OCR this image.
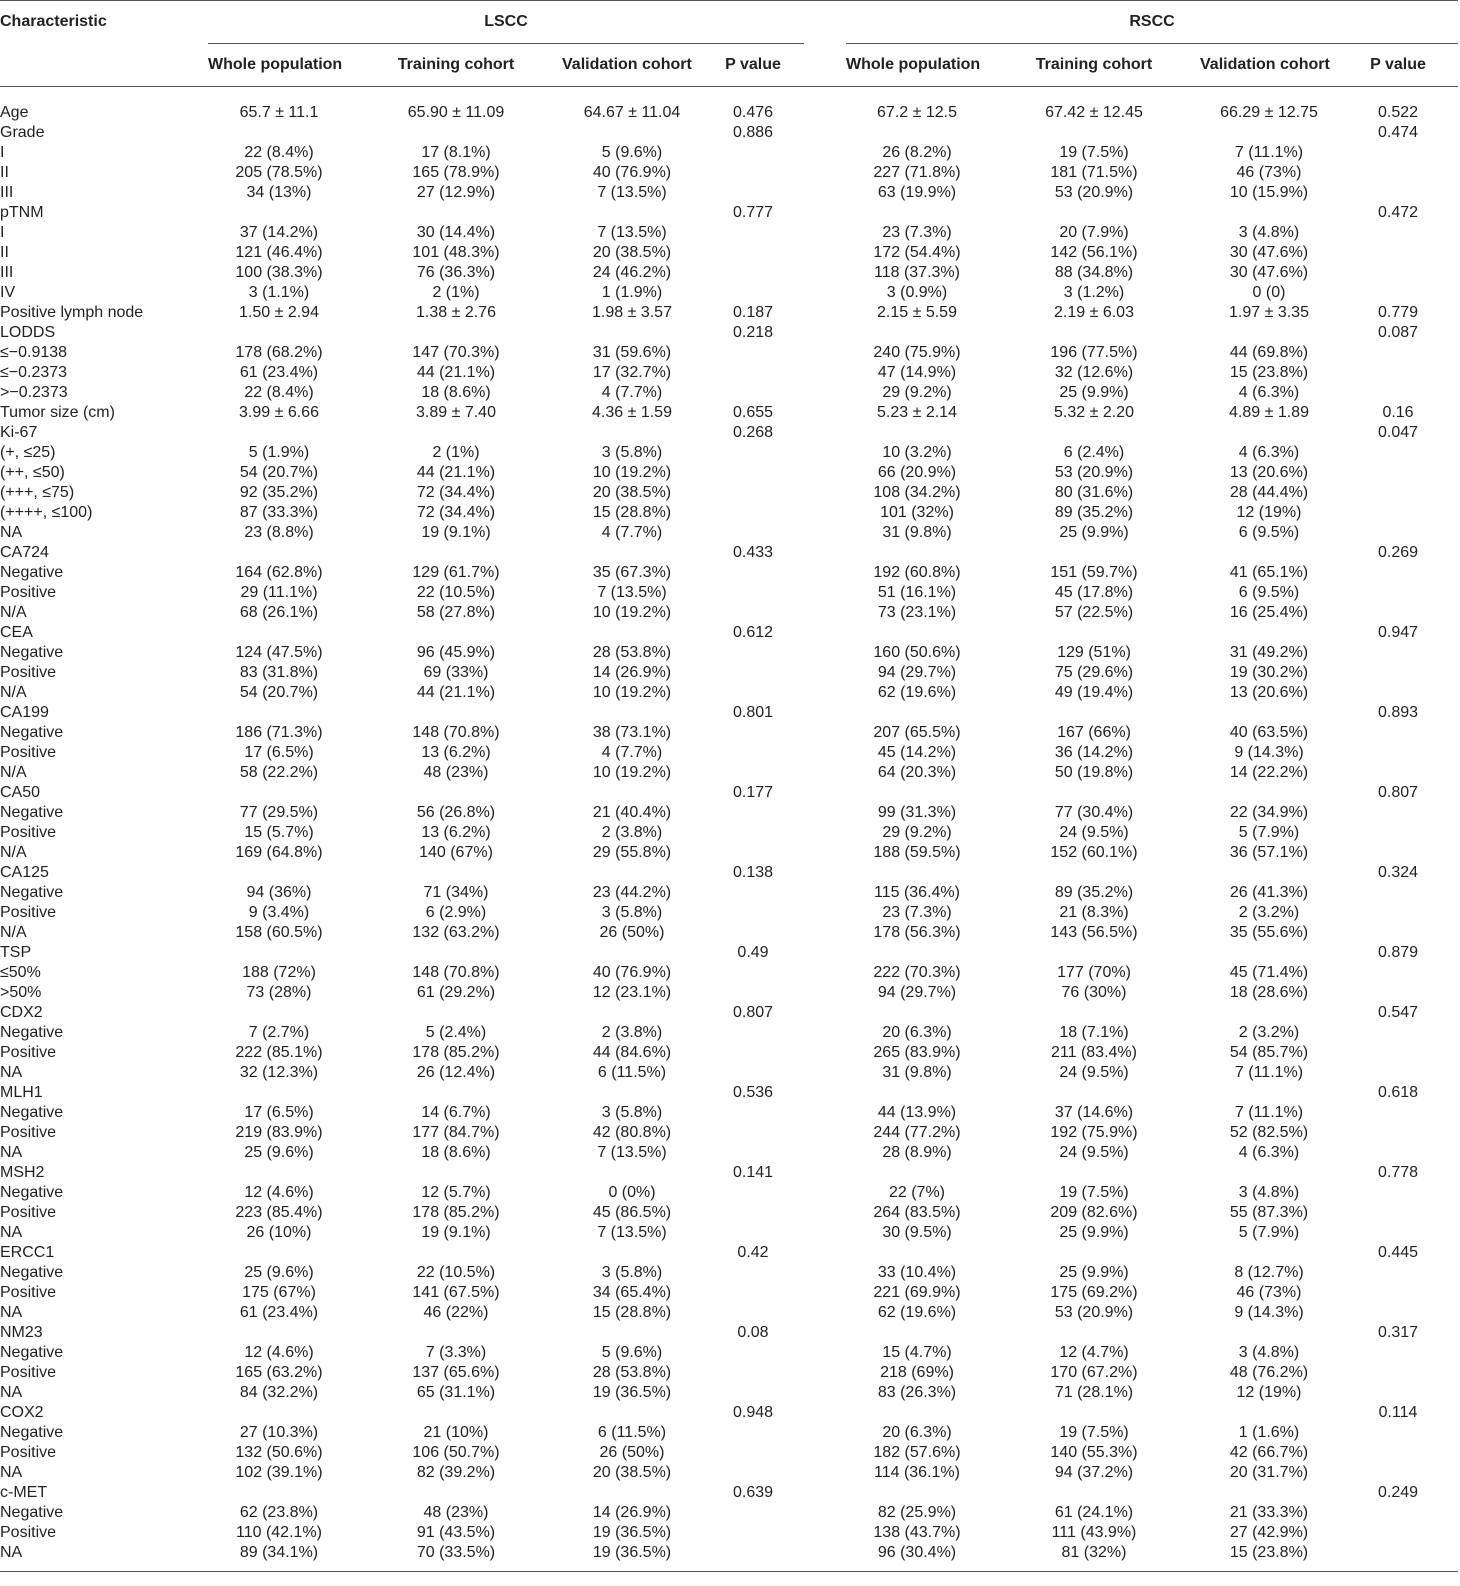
Characteristic	LSCC					RSCC			
	Whole population	Training cohort	Validation cohort	P value		Whole population	Training cohort	Validation cohort	P value

Age	65.7 ± 11.1	65.90 ± 11.09	64.67 ± 11.04	0.476		67.2 ± 12.5	67.42 ± 12.45	66.29 ± 12.75	0.522
Grade				0.886					0.474
I	22 (8.4%)	17 (8.1%)	5 (9.6%)			26 (8.2%)	19 (7.5%)	7 (11.1%)	
II	205 (78.5%)	165 (78.9%)	40 (76.9%)			227 (71.8%)	181 (71.5%)	46 (73%)	
III	34 (13%)	27 (12.9%)	7 (13.5%)			63 (19.9%)	53 (20.9%)	10 (15.9%)	
pTNM				0.777					0.472
I	37 (14.2%)	30 (14.4%)	7 (13.5%)			23 (7.3%)	20 (7.9%)	3 (4.8%)	
II	121 (46.4%)	101 (48.3%)	20 (38.5%)			172 (54.4%)	142 (56.1%)	30 (47.6%)	
III	100 (38.3%)	76 (36.3%)	24 (46.2%)			118 (37.3%)	88 (34.8%)	30 (47.6%)	
IV	3 (1.1%)	2 (1%)	1 (1.9%)			3 (0.9%)	3 (1.2%)	0 (0)	
Positive lymph node	1.50 ± 2.94	1.38 ± 2.76	1.98 ± 3.57	0.187		2.15 ± 5.59	2.19 ± 6.03	1.97 ± 3.35	0.779
LODDS				0.218					0.087
≤−0.9138	178 (68.2%)	147 (70.3%)	31 (59.6%)			240 (75.9%)	196 (77.5%)	44 (69.8%)	
≤−0.2373	61 (23.4%)	44 (21.1%)	17 (32.7%)			47 (14.9%)	32 (12.6%)	15 (23.8%)	
>−0.2373	22 (8.4%)	18 (8.6%)	4 (7.7%)			29 (9.2%)	25 (9.9%)	4 (6.3%)	
Tumor size (cm)	3.99 ± 6.66	3.89 ± 7.40	4.36 ± 1.59	0.655		5.23 ± 2.14	5.32 ± 2.20	4.89 ± 1.89	0.16
Ki-67				0.268					0.047
(+, ≤25)	5 (1.9%)	2 (1%)	3 (5.8%)			10 (3.2%)	6 (2.4%)	4 (6.3%)	
(++, ≤50)	54 (20.7%)	44 (21.1%)	10 (19.2%)			66 (20.9%)	53 (20.9%)	13 (20.6%)	
(+++, ≤75)	92 (35.2%)	72 (34.4%)	20 (38.5%)			108 (34.2%)	80 (31.6%)	28 (44.4%)	
(++++, ≤100)	87 (33.3%)	72 (34.4%)	15 (28.8%)			101 (32%)	89 (35.2%)	12 (19%)	
NA	23 (8.8%)	19 (9.1%)	4 (7.7%)			31 (9.8%)	25 (9.9%)	6 (9.5%)	
CA724				0.433					0.269
Negative	164 (62.8%)	129 (61.7%)	35 (67.3%)			192 (60.8%)	151 (59.7%)	41 (65.1%)	
Positive	29 (11.1%)	22 (10.5%)	7 (13.5%)			51 (16.1%)	45 (17.8%)	6 (9.5%)	
N/A	68 (26.1%)	58 (27.8%)	10 (19.2%)			73 (23.1%)	57 (22.5%)	16 (25.4%)	
CEA				0.612					0.947
Negative	124 (47.5%)	96 (45.9%)	28 (53.8%)			160 (50.6%)	129 (51%)	31 (49.2%)	
Positive	83 (31.8%)	69 (33%)	14 (26.9%)			94 (29.7%)	75 (29.6%)	19 (30.2%)	
N/A	54 (20.7%)	44 (21.1%)	10 (19.2%)			62 (19.6%)	49 (19.4%)	13 (20.6%)	
CA199				0.801					0.893
Negative	186 (71.3%)	148 (70.8%)	38 (73.1%)			207 (65.5%)	167 (66%)	40 (63.5%)	
Positive	17 (6.5%)	13 (6.2%)	4 (7.7%)			45 (14.2%)	36 (14.2%)	9 (14.3%)	
N/A	58 (22.2%)	48 (23%)	10 (19.2%)			64 (20.3%)	50 (19.8%)	14 (22.2%)	
CA50				0.177					0.807
Negative	77 (29.5%)	56 (26.8%)	21 (40.4%)			99 (31.3%)	77 (30.4%)	22 (34.9%)	
Positive	15 (5.7%)	13 (6.2%)	2 (3.8%)			29 (9.2%)	24 (9.5%)	5 (7.9%)	
N/A	169 (64.8%)	140 (67%)	29 (55.8%)			188 (59.5%)	152 (60.1%)	36 (57.1%)	
CA125				0.138					0.324
Negative	94 (36%)	71 (34%)	23 (44.2%)			115 (36.4%)	89 (35.2%)	26 (41.3%)	
Positive	9 (3.4%)	6 (2.9%)	3 (5.8%)			23 (7.3%)	21 (8.3%)	2 (3.2%)	
N/A	158 (60.5%)	132 (63.2%)	26 (50%)			178 (56.3%)	143 (56.5%)	35 (55.6%)	
TSP				0.49					0.879
≤50%	188 (72%)	148 (70.8%)	40 (76.9%)			222 (70.3%)	177 (70%)	45 (71.4%)	
>50%	73 (28%)	61 (29.2%)	12 (23.1%)			94 (29.7%)	76 (30%)	18 (28.6%)	
CDX2				0.807					0.547
Negative	7 (2.7%)	5 (2.4%)	2 (3.8%)			20 (6.3%)	18 (7.1%)	2 (3.2%)	
Positive	222 (85.1%)	178 (85.2%)	44 (84.6%)			265 (83.9%)	211 (83.4%)	54 (85.7%)	
NA	32 (12.3%)	26 (12.4%)	6 (11.5%)			31 (9.8%)	24 (9.5%)	7 (11.1%)	
MLH1				0.536					0.618
Negative	17 (6.5%)	14 (6.7%)	3 (5.8%)			44 (13.9%)	37 (14.6%)	7 (11.1%)	
Positive	219 (83.9%)	177 (84.7%)	42 (80.8%)			244 (77.2%)	192 (75.9%)	52 (82.5%)	
NA	25 (9.6%)	18 (8.6%)	7 (13.5%)			28 (8.9%)	24 (9.5%)	4 (6.3%)	
MSH2				0.141					0.778
Negative	12 (4.6%)	12 (5.7%)	0 (0%)			22 (7%)	19 (7.5%)	3 (4.8%)	
Positive	223 (85.4%)	178 (85.2%)	45 (86.5%)			264 (83.5%)	209 (82.6%)	55 (87.3%)	
NA	26 (10%)	19 (9.1%)	7 (13.5%)			30 (9.5%)	25 (9.9%)	5 (7.9%)	
ERCC1				0.42					0.445
Negative	25 (9.6%)	22 (10.5%)	3 (5.8%)			33 (10.4%)	25 (9.9%)	8 (12.7%)	
Positive	175 (67%)	141 (67.5%)	34 (65.4%)			221 (69.9%)	175 (69.2%)	46 (73%)	
NA	61 (23.4%)	46 (22%)	15 (28.8%)			62 (19.6%)	53 (20.9%)	9 (14.3%)	
NM23				0.08					0.317
Negative	12 (4.6%)	7 (3.3%)	5 (9.6%)			15 (4.7%)	12 (4.7%)	3 (4.8%)	
Positive	165 (63.2%)	137 (65.6%)	28 (53.8%)			218 (69%)	170 (67.2%)	48 (76.2%)	
NA	84 (32.2%)	65 (31.1%)	19 (36.5%)			83 (26.3%)	71 (28.1%)	12 (19%)	
COX2				0.948					0.114
Negative	27 (10.3%)	21 (10%)	6 (11.5%)			20 (6.3%)	19 (7.5%)	1 (1.6%)	
Positive	132 (50.6%)	106 (50.7%)	26 (50%)			182 (57.6%)	140 (55.3%)	42 (66.7%)	
NA	102 (39.1%)	82 (39.2%)	20 (38.5%)			114 (36.1%)	94 (37.2%)	20 (31.7%)	
c-MET				0.639					0.249
Negative	62 (23.8%)	48 (23%)	14 (26.9%)			82 (25.9%)	61 (24.1%)	21 (33.3%)	
Positive	110 (42.1%)	91 (43.5%)	19 (36.5%)			138 (43.7%)	111 (43.9%)	27 (42.9%)	
NA	89 (34.1%)	70 (33.5%)	19 (36.5%)			96 (30.4%)	81 (32%)	15 (23.8%)	
